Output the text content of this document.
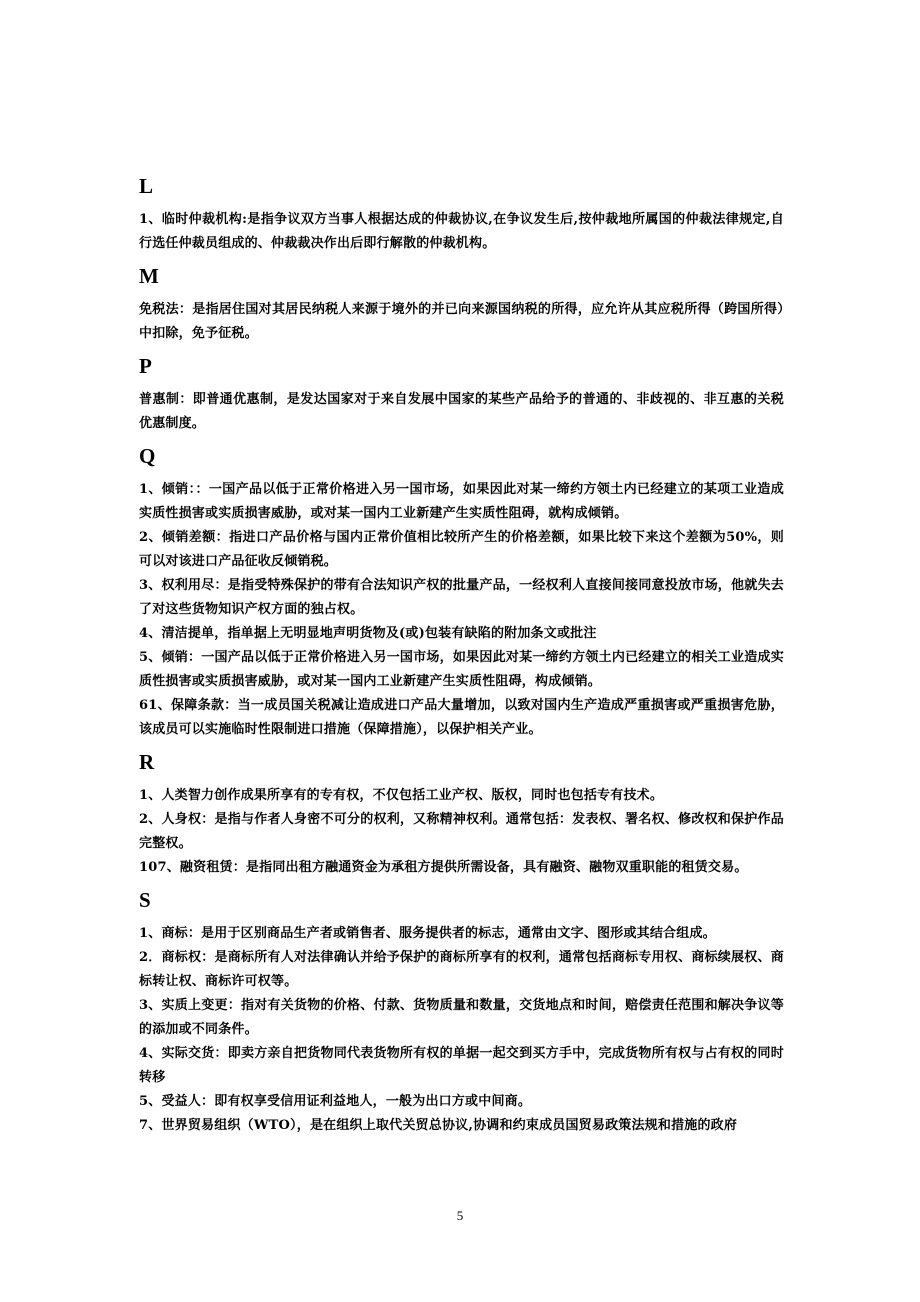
L
1、临时仲裁机构:是指争议双方当事人根据达成的仲裁协议,在争议发生后,按仲裁地所属国的仲裁法律规定,自行选任仲裁员组成的、仲裁裁决作出后即行解散的仲裁机构。
M
免税法：是指居住国对其居民纳税人来源于境外的并已向来源国纳税的所得，应允许从其应税所得（跨国所得）中扣除，免予征税。
P
普惠制：即普通优惠制，是发达国家对于来自发展中国家的某些产品给予的普通的、非歧视的、非互惠的关税优惠制度。
Q
1、倾销：：一国产品以低于正常价格进入另一国市场，如果因此对某一缔约方领土内已经建立的某项工业造成实质性损害或实质损害威胁，或对某一国内工业新建产生实质性阻碍，就构成倾销。
2、倾销差额：指进口产品价格与国内正常价值相比较所产生的价格差额，如果比较下来这个差额为50%，则可以对该进口产品征收反倾销税。
3、权利用尽：是指受特殊保护的带有合法知识产权的批量产品，一经权利人直接间接同意投放市场，他就失去了对这些货物知识产权方面的独占权。
4、清洁提单，指单据上无明显地声明货物及(或)包装有缺陷的附加条文或批注
5、倾销：一国产品以低于正常价格进入另一国市场，如果因此对某一缔约方领土内已经建立的相关工业造成实质性损害或实质损害威胁，或对某一国内工业新建产生实质性阻碍，构成倾销。
61、保障条款：当一成员国关税减让造成进口产品大量增加，以致对国内生产造成严重损害或严重损害危胁，该成员可以实施临时性限制进口措施（保障措施），以保护相关产业。
R
1、人类智力创作成果所享有的专有权，不仅包括工业产权、版权，同时也包括专有技术。
2、人身权：是指与作者人身密不可分的权利，又称精神权利。通常包括：发表权、署名权、修改权和保护作品完整权。
107、融资租赁：是指同出租方融通资金为承租方提供所需设备，具有融资、融物双重职能的租赁交易。
S
1、商标：是用于区别商品生产者或销售者、服务提供者的标志，通常由文字、图形或其结合组成。
2．商标权：是商标所有人对法律确认并给予保护的商标所享有的权利，通常包括商标专用权、商标续展权、商标转让权、商标许可权等。
3、实质上变更：指对有关货物的价格、付款、货物质量和数量，交货地点和时间，赔偿责任范围和解决争议等的添加或不同条件。
4、实际交货：即卖方亲自把货物同代表货物所有权的单据一起交到买方手中，完成货物所有权与占有权的同时转移
5、受益人：即有权享受信用证利益地人，一般为出口方或中间商。
7、世界贸易组织（WTO），是在组织上取代关贸总协议,协调和约束成员国贸易政策法规和措施的政府
5
